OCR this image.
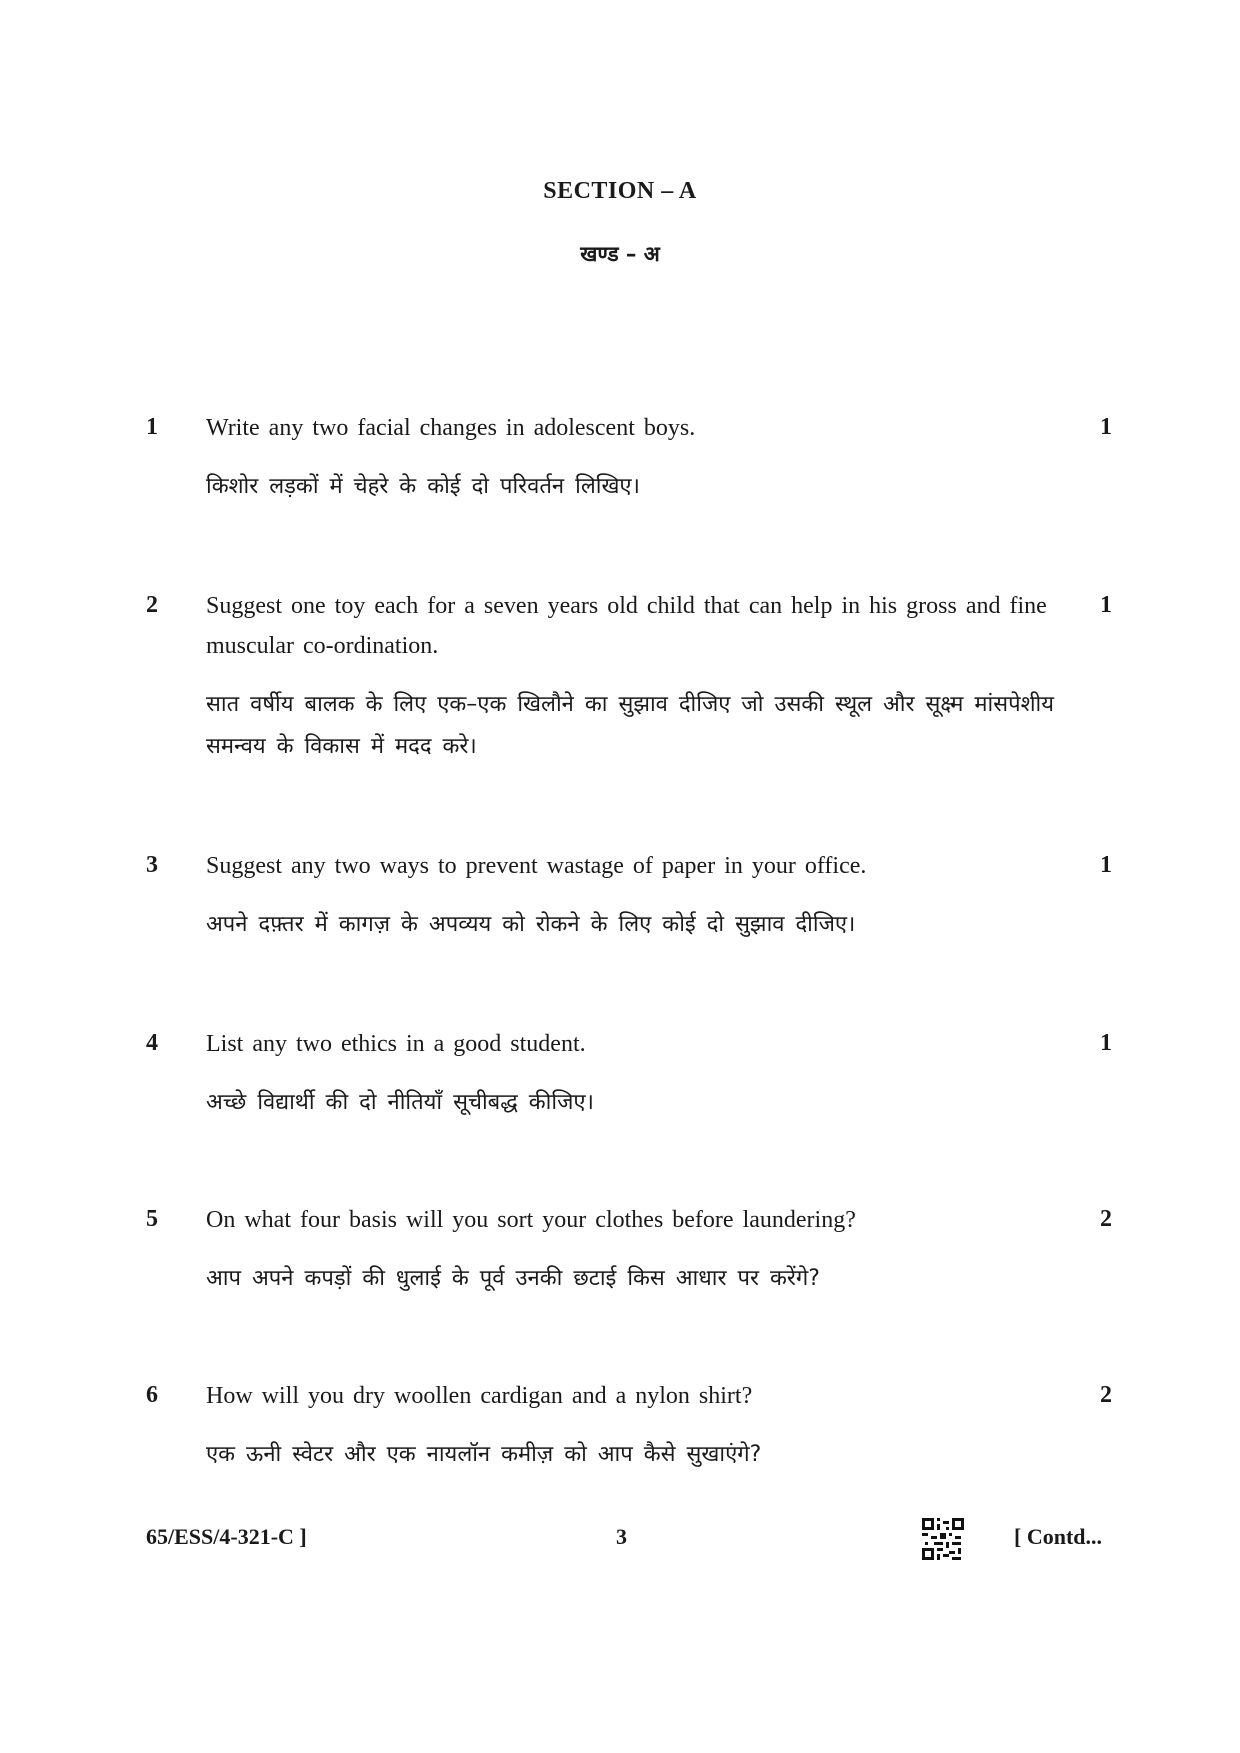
SECTION – A
खण्ड – अ
1 Write any two facial changes in adolescent boys.
किशोर लड़कों में चेहरे के कोई दो परिवर्तन लिखिए।
1
2 Suggest one toy each for a seven years old child that can help in his gross and fine muscular co-ordination.
सात वर्षीय बालक के लिए एक–एक खिलौने का सुझाव दीजिए जो उसकी स्थूल और सूक्ष्म मांसपेशीय समन्वय के विकास में मदद करे।
1
3 Suggest any two ways to prevent wastage of paper in your office.
अपने दफ़्तर में कागज़ के अपव्यय को रोकने के लिए कोई दो सुझाव दीजिए।
1
4 List any two ethics in a good student.
अच्छे विद्यार्थी की दो नीतियाँ सूचीबद्ध कीजिए।
1
5 On what four basis will you sort your clothes before laundering?
आप अपने कपड़ों की धुलाई के पूर्व उनकी छटाई किस आधार पर करेंगे?
2
6 How will you dry woollen cardigan and a nylon shirt?
एक ऊनी स्वेटर और एक नायलॉन कमीज़ को आप कैसे सुखाएंगे?
2
65/ESS/4-321-C ]	3	[ Contd...
